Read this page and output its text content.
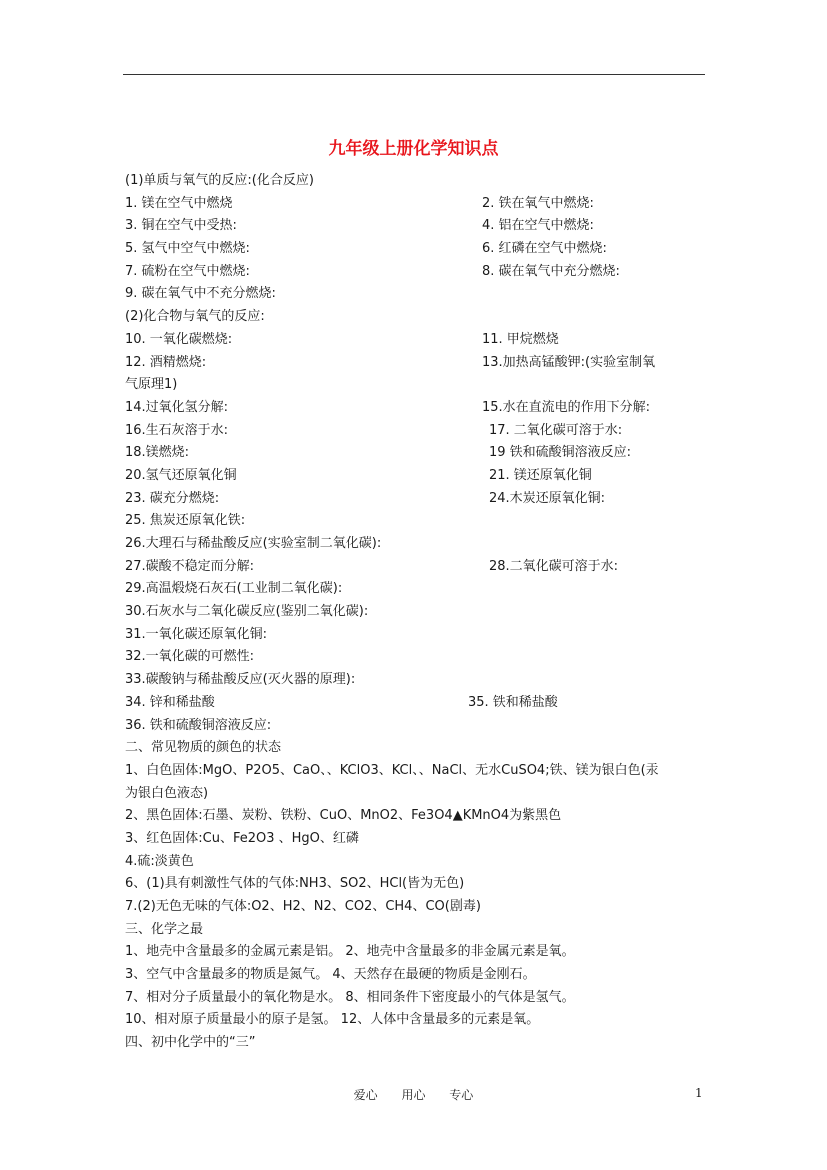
九年级上册化学知识点
(1)单质与氧气的反应:(化合反应)
1. 镁在空气中燃烧	2. 铁在氧气中燃烧:
3. 铜在空气中受热:	4. 铝在空气中燃烧:
5. 氢气中空气中燃烧:	6. 红磷在空气中燃烧:
7. 硫粉在空气中燃烧:	8. 碳在氧气中充分燃烧:
9. 碳在氧气中不充分燃烧:
(2)化合物与氧气的反应:
10. 一氧化碳燃烧:	11. 甲烷燃烧
12. 酒精燃烧:	13.加热高锰酸钾:(实验室制氧
气原理1)
14.过氧化氢分解:	15.水在直流电的作用下分解:
16.生石灰溶于水:	17. 二氧化碳可溶于水:
18.镁燃烧:	19 铁和硫酸铜溶液反应:
20.氢气还原氧化铜	21. 镁还原氧化铜
23. 碳充分燃烧:	24.木炭还原氧化铜:
25. 焦炭还原氧化铁:
26.大理石与稀盐酸反应(实验室制二氧化碳):
27.碳酸不稳定而分解:	28.二氧化碳可溶于水:
29.高温煅烧石灰石(工业制二氧化碳):
30.石灰水与二氧化碳反应(鉴别二氧化碳):
31.一氧化碳还原氧化铜:
32.一氧化碳的可燃性:
33.碳酸钠与稀盐酸反应(灭火器的原理):
34. 锌和稀盐酸	35. 铁和稀盐酸
36. 铁和硫酸铜溶液反应:
二、常见物质的颜色的状态
1、白色固体:MgO、P2O5、CaO、、KClO3、KCl、、NaCl、无水CuSO4;铁、镁为银白色(汞
为银白色液态)
2、黑色固体:石墨、炭粉、铁粉、CuO、MnO2、Fe3O4▲KMnO4为紫黑色
3、红色固体:Cu、Fe2O3 、HgO、红磷
4.硫:淡黄色
6、(1)具有刺激性气体的气体:NH3、SO2、HCl(皆为无色)
7.(2)无色无味的气体:O2、H2、N2、CO2、CH4、CO(剧毒)
三、化学之最
1、地壳中含量最多的金属元素是铝。 2、地壳中含量最多的非金属元素是氧。
3、空气中含量最多的物质是氮气。 4、天然存在最硬的物质是金刚石。
7、相对分子质量最小的氧化物是水。 8、相同条件下密度最小的气体是氢气。
10、相对原子质量最小的原子是氢。 12、人体中含量最多的元素是氧。
四、初中化学中的“三”
爱心 用心 专心	1
